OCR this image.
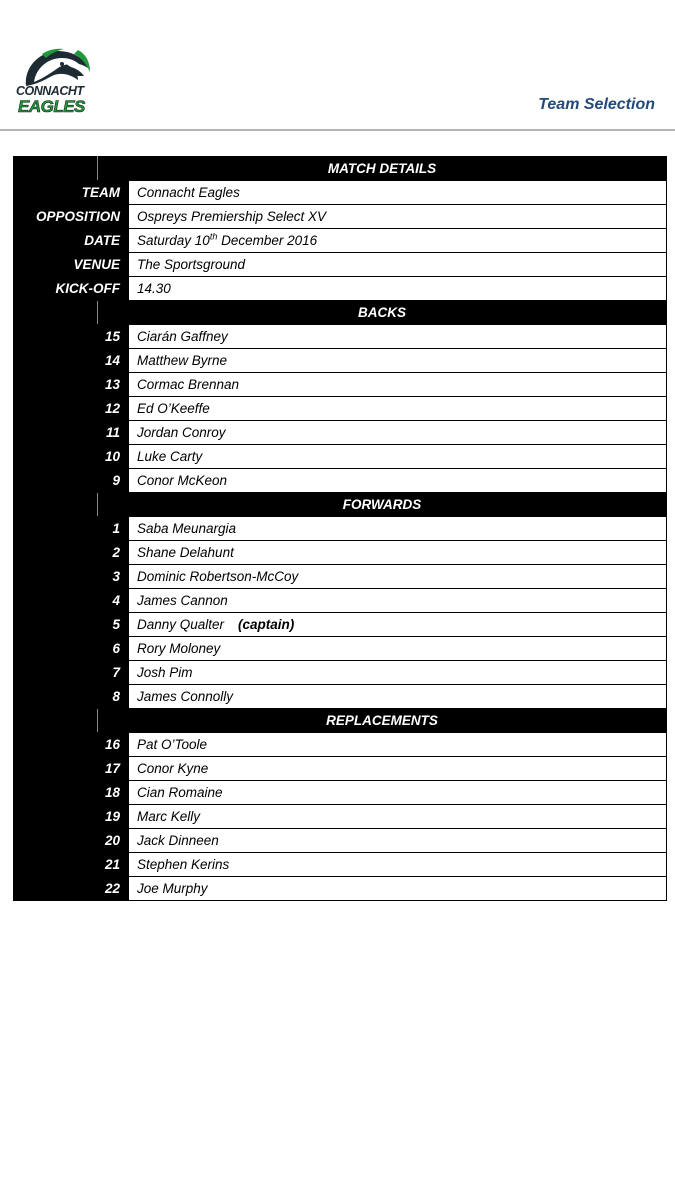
CONNACHT
EAGLES	Team Selection
	MATCH DETAILS	
TEAM		Connacht Eagles
OPPOSITION		Ospreys Premiership Select XV
DATE		Saturday 10th December 2016
VENUE		The Sportsground
KICK-OFF		14.30
	BACKS	
15		Ciarán Gaffney
14		Matthew Byrne
13		Cormac Brennan
12		Ed O’Keeffe
11		Jordan Conroy
10		Luke Carty
9		Conor McKeon
	FORWARDS	
1		Saba Meunargia
2		Shane Delahunt
3		Dominic Robertson-McCoy
4		James Cannon
5		Danny Qualter (captain)
6		Rory Moloney
7		Josh Pim
8		James Connolly
	REPLACEMENTS	
16		Pat O’Toole
17		Conor Kyne
18		Cian Romaine
19		Marc Kelly
20		Jack Dinneen
21		Stephen Kerins
22		Joe Murphy
